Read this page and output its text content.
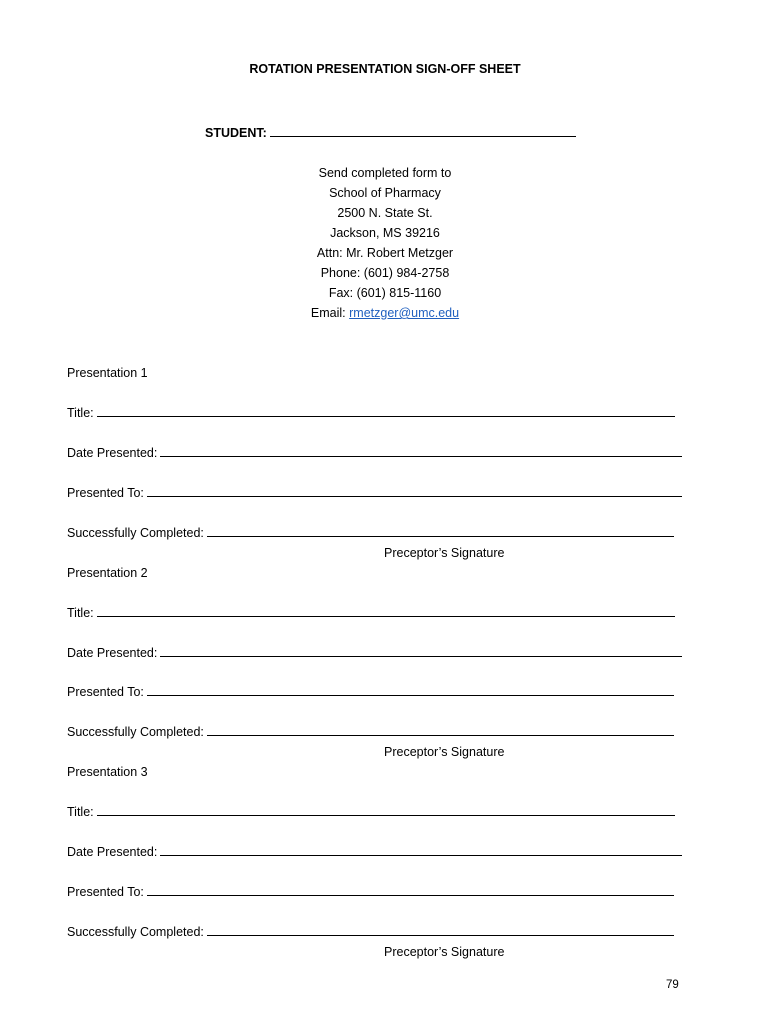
ROTATION PRESENTATION SIGN-OFF SHEET
STUDENT:
Send completed form to
School of Pharmacy
2500 N. State St.
Jackson, MS 39216
Attn: Mr. Robert Metzger
Phone: (601) 984-2758
Fax: (601) 815-1160
Email: rmetzger@umc.edu
Presentation 1
Title:
Date Presented:
Presented To:
Successfully Completed:
Preceptor’s Signature
Presentation 2
Title:
Date Presented:
Presented To:
Successfully Completed:
Preceptor’s Signature
Presentation 3
Title:
Date Presented:
Presented To:
Successfully Completed:
Preceptor’s Signature
79
